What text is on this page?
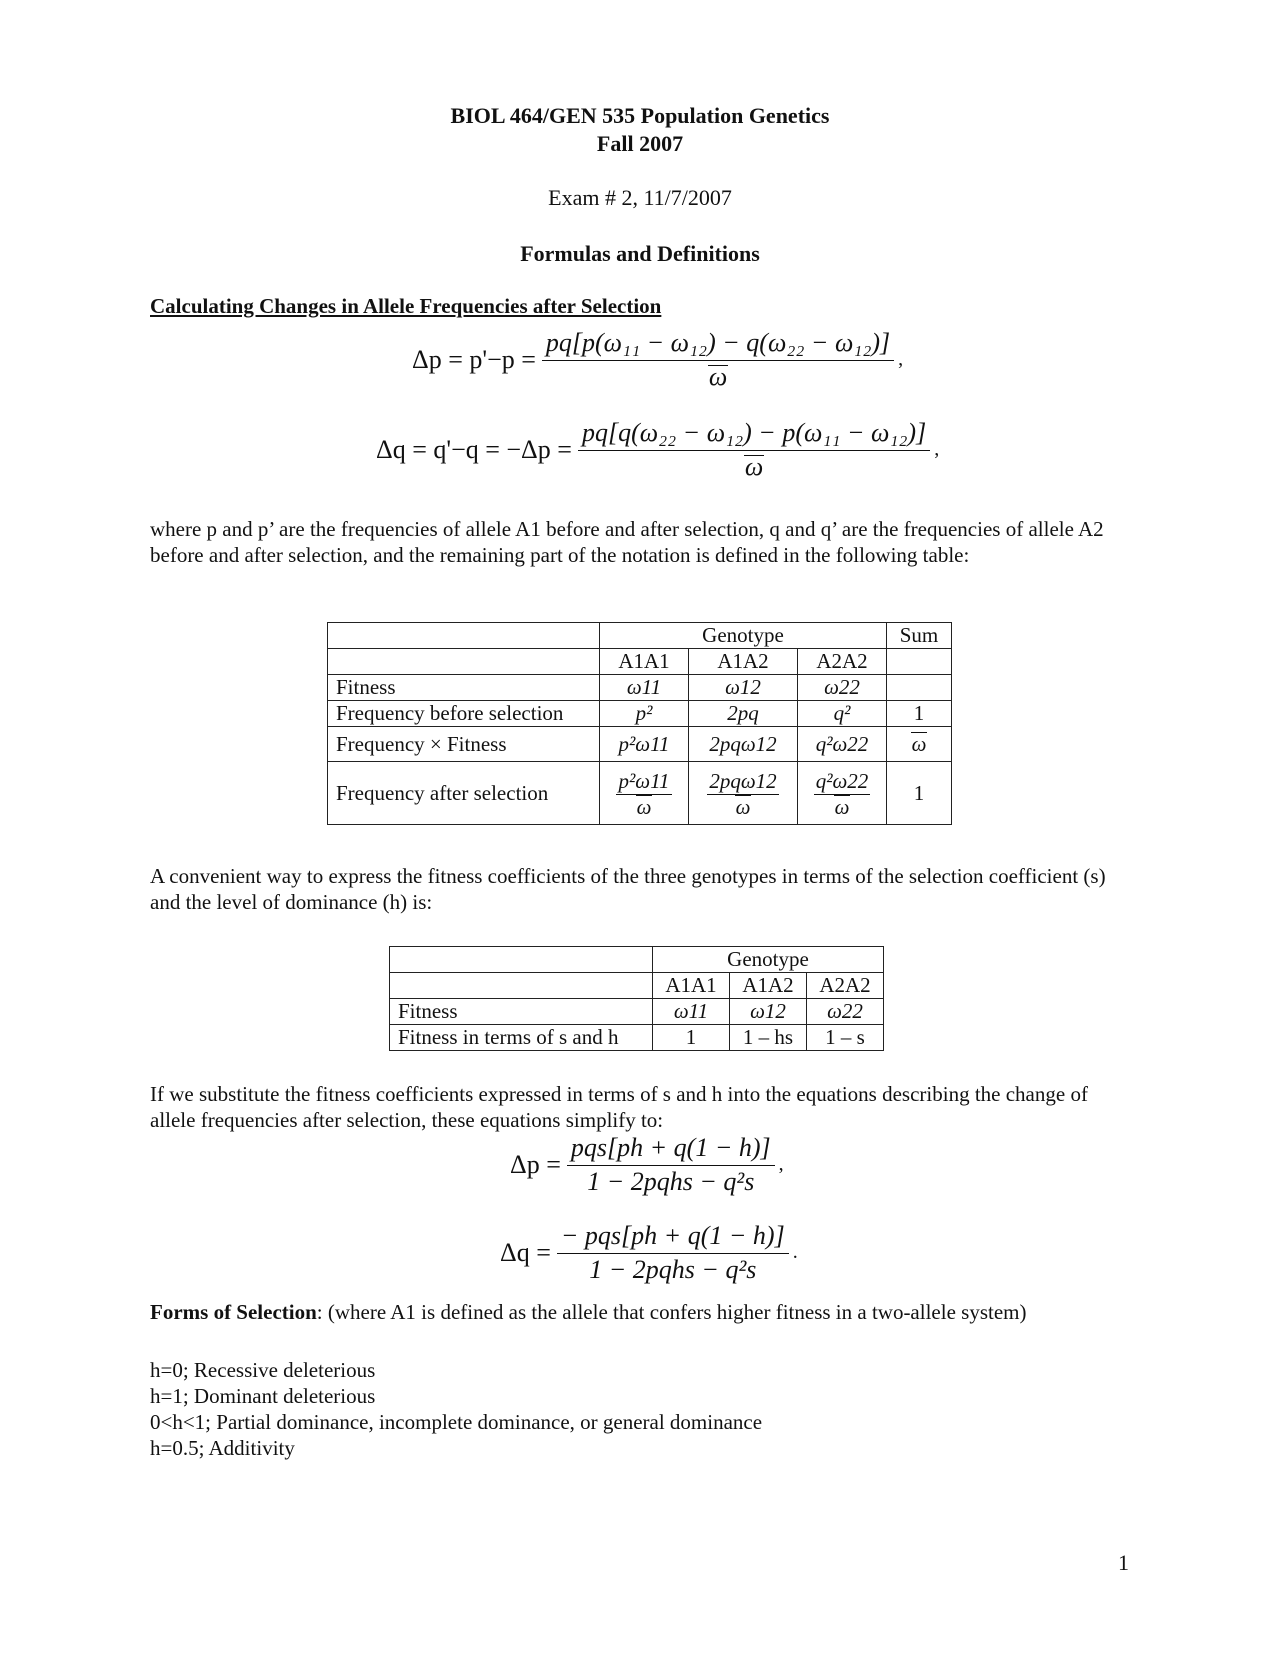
BIOL 464/GEN 535 Population Genetics
Fall 2007
Exam # 2, 11/7/2007
Formulas and Definitions
Calculating Changes in Allele Frequencies after Selection
$\Delta p = p'-p = \frac{\text{pq[p(ω₁₁ − ω₁₂) − q(ω₂₂ − ω₁₂)]}}{\omega}$ ,
$\Delta q = q'-q = -\Delta p = \frac{\text{pq[q(ω₂₂ − ω₁₂) − p(ω₁₁ − ω₁₂)]}}{\omega}$ ,
where p and p’ are the frequencies of allele A1 before and after selection, q and q’ are the frequencies of allele A2 before and after selection, and the remaining part of the notation is defined in the following table:
	Genotype			Sum
	A1A1	A1A2	A2A2	
Fitness	ω11	ω12	ω22	
Frequency before selection	p²	2pq	q²	1
Frequency × Fitness	p²ω11	2pqω12	q²ω22	ω
Frequency after selection	$\frac{\text{p²ω11}}{\omega}$	$\frac{\text{2pqω12}}{\omega}$	$\frac{\text{q²ω22}}{\omega}$	1
A convenient way to express the fitness coefficients of the three genotypes in terms of the selection coefficient (s) and the level of dominance (h) is:
	Genotype		
	A1A1	A1A2	A2A2
Fitness	ω11	ω12	ω22
Fitness in terms of s and h	1	1 – hs	1 – s
If we substitute the fitness coefficients expressed in terms of s and h into the equations describing the change of allele frequencies after selection, these equations simplify to:
$\Delta p = \frac{\text{pqs[ph + q(1 − h)]}}{\text{1 − 2pqhs − q²s}}$ ,
$\Delta q = \frac{\text{− pqs[ph + q(1 − h)]}}{\text{1 − 2pqhs − q²s}}$ .
Forms of Selection: (where A1 is defined as the allele that confers higher fitness in a two-allele system)
h=0; Recessive deleterious
h=1; Dominant deleterious
0<h<1; Partial dominance, incomplete dominance, or general dominance
h=0.5; Additivity
1
